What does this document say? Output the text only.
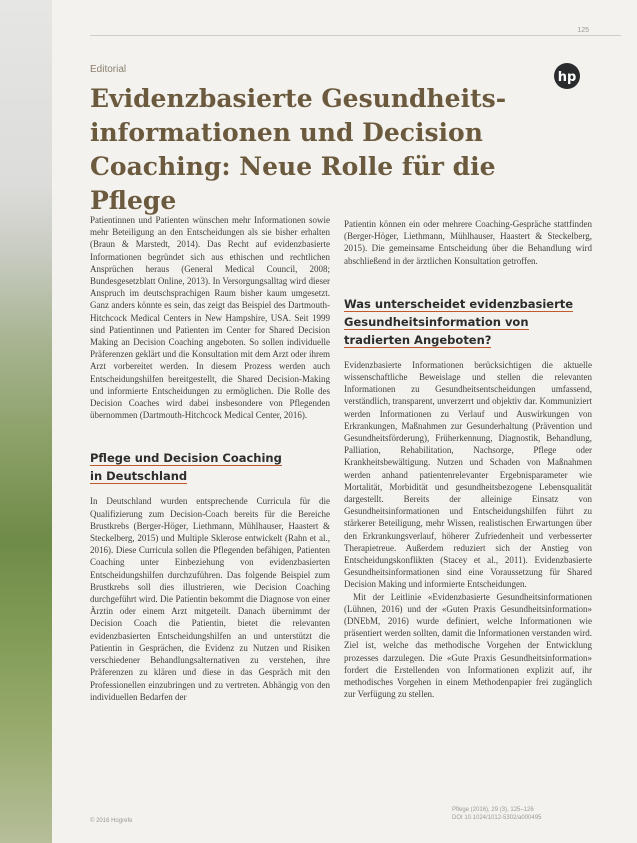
125
Editorial
hp
Evidenzbasierte Gesundheits-
informationen und Decision
Coaching: Neue Rolle für die Pflege

Patientinnen und Patienten wünschen mehr Informationen sowie mehr Beteiligung an den Entscheidungen als sie bisher erhalten (Braun & Marstedt, 2014). Das Recht auf evidenzbasierte Informationen begründet sich aus ethischen und rechtlichen Ansprüchen heraus (General Medical Council, 2008; Bundesgesetzblatt Online, 2013). In Versorgungsalltag wird dieser Anspruch im deutschsprachigen Raum bisher kaum umgesetzt. Ganz anders könnte es sein, das zeigt das Beispiel des Dartmouth-Hitchcock Medical Centers in New Hampshire, USA. Seit 1999 sind Patientinnen und Patienten im Center for Shared Decision Making an Decision Coaching angeboten. So sollen individuelle Präferenzen geklärt und die Konsultation mit dem Arzt oder ihrem Arzt vorbereitet werden. In diesem Prozess werden auch Entscheidungshilfen bereitgestellt, die Shared Decision-Making und informierte Entscheidungen zu ermöglichen. Die Rolle des Decision Coaches wird dabei insbesondere von Pflegenden übernommen (Dartmouth-Hitchcock Medical Center, 2016).

Pflege und Decision Coaching
in Deutschland

In Deutschland wurden entsprechende Curricula für die Qualifizierung zum Decision-Coach bereits für die Bereiche Brustkrebs (Berger-Höger, Liethmann, Mühlhauser, Haastert & Steckelberg, 2015) und Multiple Sklerose entwickelt (Rahn et al., 2016). Diese Curricula sollen die Pflegenden befähigen, Patienten Coaching unter Einbeziehung von evidenzbasierten Entscheidungshilfen durchzuführen. Das folgende Beispiel zum Brustkrebs soll dies illustrieren, wie Decision Coaching durchgeführt wird. Die Patientin bekommt die Diagnose von einer Ärztin oder einem Arzt mitgeteilt. Danach übernimmt der Decision Coach die Patientin, bietet die relevanten evidenzbasierten Entscheidungshilfen an und unterstützt die Patientin in Gesprächen, die Evidenz zu Nutzen und Risiken verschiedener Behandlungsalternativen zu verstehen, ihre Präferenzen zu klären und diese in das Gespräch mit den Professionellen einzubringen und zu vertreten. Abhängig von den individuellen Bedarfen der

Patientin können ein oder mehrere Coaching-Gespräche stattfinden (Berger-Höger, Liethmann, Mühlhauser, Haastert & Steckelberg, 2015). Die gemeinsame Entscheidung über die Behandlung wird abschließend in der ärztlichen Konsultation getroffen.

Was unterscheidet evidenzbasierte
Gesundheitsinformation von
tradierten Angeboten?

Evidenzbasierte Informationen berücksichtigen die aktuelle wissenschaftliche Beweislage und stellen die relevanten Informationen zu Gesundheitsentscheidungen umfassend, verständlich, transparent, unverzerrt und objektiv dar. Kommuniziert werden Informationen zu Verlauf und Auswirkungen von Erkrankungen, Maßnahmen zur Gesunderhaltung (Prävention und Gesundheitsförderung), Früherkennung, Diagnostik, Behandlung, Palliation, Rehabilitation, Nachsorge, Pflege oder Krankheitsbewältigung. Nutzen und Schaden von Maßnahmen werden anhand patientenrelevanter Ergebnisparameter wie Mortalität, Morbidität und gesundheitsbezogene Lebensqualität dargestellt. Bereits der alleinige Einsatz von Gesundheitsinformationen und Entscheidungshilfen führt zu stärkerer Beteiligung, mehr Wissen, realistischen Erwartungen über den Erkrankungsverlauf, höherer Zufriedenheit und verbesserter Therapietreue. Außerdem reduziert sich der Anstieg von Entscheidungskonflikten (Stacey et al., 2011). Evidenzbasierte Gesundheitsinformationen sind eine Voraussetzung für Shared Decision Making und informierte Entscheidungen.

Mit der Leitlinie «Evidenzbasierte Gesundheitsinformationen (Lühnen, 2016) und der «Guten Praxis Gesundheitsinformation» (DNEbM, 2016) wurde definiert, welche Informationen wie präsentiert werden sollten, damit die Informationen verstanden wird. Ziel ist, welche das methodische Vorgehen der Entwicklung prozesses darzulegen. Die «Gute Praxis Gesundheitsinformation» fordert die Erstellenden von Informationen explizit auf, ihr methodisches Vorgehen in einem Methodenpapier frei zugänglich zur Verfügung zu stellen.

© 2016 Hogrefe
Pflege (2016), 29 (3), 125–126
DOI 10.1024/1012-5302/a000495
